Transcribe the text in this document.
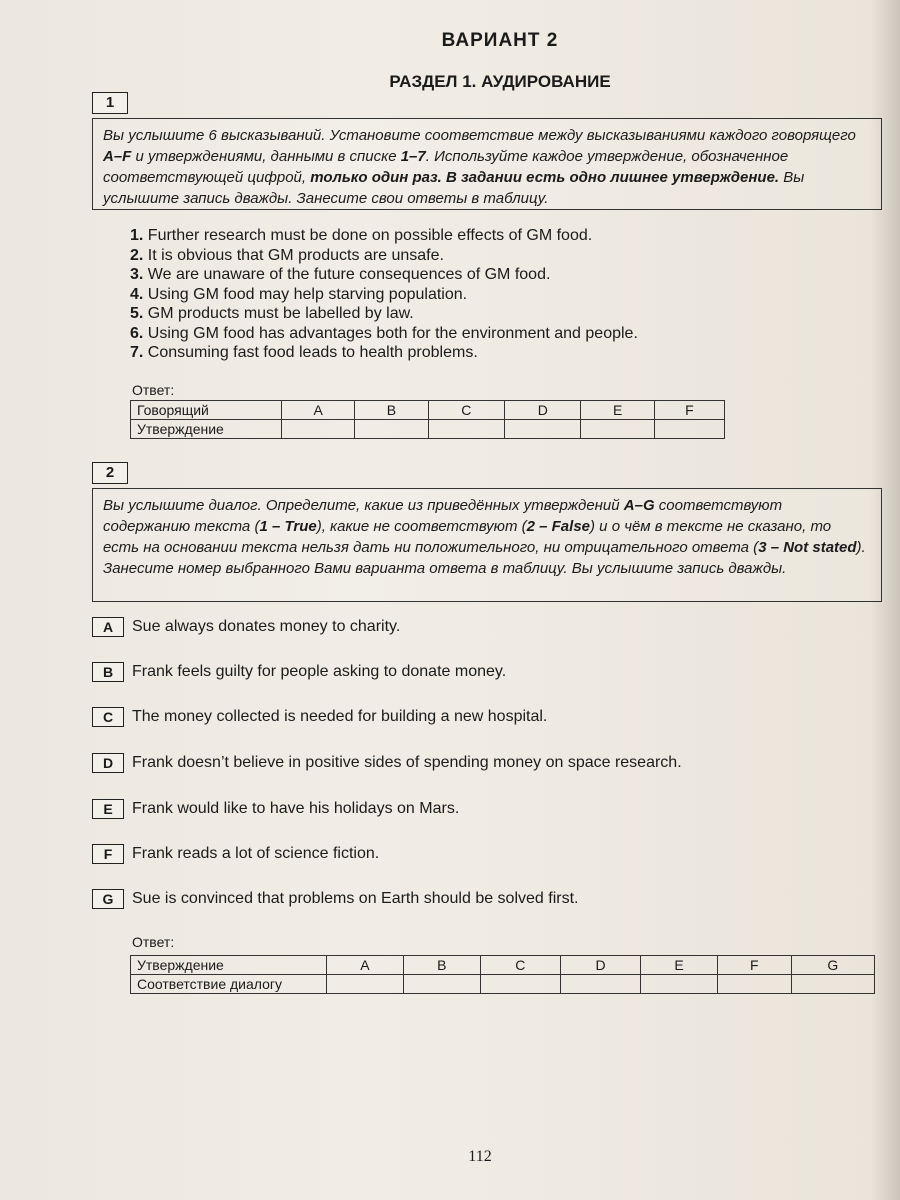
ВАРИАНТ 2
РАЗДЕЛ 1. АУДИРОВАНИЕ
1
Вы услышите 6 высказываний. Установите соответствие между высказываниями каждого говорящего A–F и утверждениями, данными в списке 1–7. Используйте каждое утверждение, обозначенное соответствующей цифрой, только один раз. В задании есть одно лишнее утверждение. Вы услышите запись дважды. Занесите свои ответы в таблицу.
1. Further research must be done on possible effects of GM food.
2. It is obvious that GM products are unsafe.
3. We are unaware of the future consequences of GM food.
4. Using GM food may help starving population.
5. GM products must be labelled by law.
6. Using GM food has advantages both for the environment and people.
7. Consuming fast food leads to health problems.
Ответ:
Говорящий	A	B	C	D	E	F
Утверждение						
2
Вы услышите диалог. Определите, какие из приведённых утверждений A–G соответствуют содержанию текста (1 – True), какие не соответствуют (2 – False) и о чём в тексте не сказано, то есть на основании текста нельзя дать ни положительного, ни отрицательного ответа (3 – Not stated). Занесите номер выбранного Вами варианта ответа в таблицу. Вы услышите запись дважды.
A Sue always donates money to charity.
B Frank feels guilty for people asking to donate money.
C The money collected is needed for building a new hospital.
D Frank doesn’t believe in positive sides of spending money on space research.
E Frank would like to have his holidays on Mars.
F Frank reads a lot of science fiction.
G Sue is convinced that problems on Earth should be solved first.
Ответ:
Утверждение	A	B	C	D	E	F	G
Соответствие диалогу							
112
